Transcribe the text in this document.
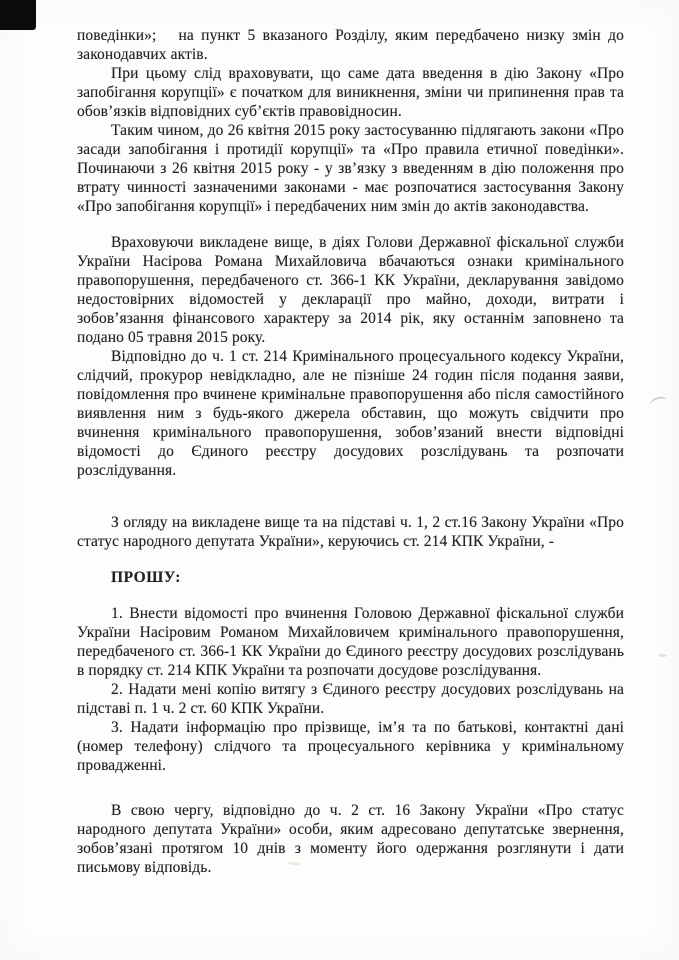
поведінки»;   на пункт 5 вказаного Розділу, яким передбачено низку змін до законодавчих актів.

При цьому слід враховувати, що саме дата введення в дію Закону «Про запобігання корупції» є початком для виникнення, зміни чи припинення прав та обов’язків відповідних суб’єктів правовідносин.

Таким чином, до 26 квітня 2015 року застосуванню підлягають закони «Про засади запобігання і протидії корупції» та «Про правила етичної поведінки». Починаючи з 26 квітня 2015 року - у зв’язку з введенням в дію положення про втрату чинності зазначеними законами - має розпочатися застосування Закону «Про запобігання корупції» і передбачених ним змін до актів законодавства.

Враховуючи викладене вище, в діях Голови Державної фіскальної служби України Насірова Романа Михайловича вбачаються ознаки кримінального правопорушення, передбаченого ст. 366-1 КК України, декларування завідомо недостовірних відомостей у декларації про майно, доходи, витрати і зобов’язання фінансового характеру за 2014 рік, яку останнім заповнено та подано 05 травня 2015 року.

Відповідно до ч. 1 ст. 214 Кримінального процесуального кодексу України, слідчий, прокурор невідкладно, але не пізніше 24 годин після подання заяви, повідомлення про вчинене кримінальне правопорушення або після самостійного виявлення ним з будь-якого джерела обставин, що можуть свідчити про вчинення кримінального правопорушення, зобов’язаний внести відповідні відомості до Єдиного реєстру досудових розслідувань та розпочати розслідування.

З огляду на викладене вище та на підставі ч. 1, 2 ст.16 Закону України «Про статус народного депутата України», керуючись ст. 214 КПК України, -

ПРОШУ:

1. Внести відомості про вчинення Головою Державної фіскальної служби України Насіровим Романом Михайловичем кримінального правопорушення, передбаченого ст. 366-1 КК України до Єдиного реєстру досудових розслідувань в порядку ст. 214 КПК України та розпочати досудове розслідування.

2. Надати мені копію витягу з Єдиного реєстру досудових розслідувань на підставі п. 1 ч. 2 ст. 60 КПК України.

3. Надати інформацію про прізвище, ім’я та по батькові, контактні дані (номер телефону) слідчого та процесуального керівника у кримінальному провадженні.

В свою чергу, відповідно до ч. 2 ст. 16 Закону України «Про статус народного депутата України» особи, яким адресовано депутатське звернення, зобов’язані протягом 10 днів з моменту його одержання розглянути і дати письмову відповідь.
